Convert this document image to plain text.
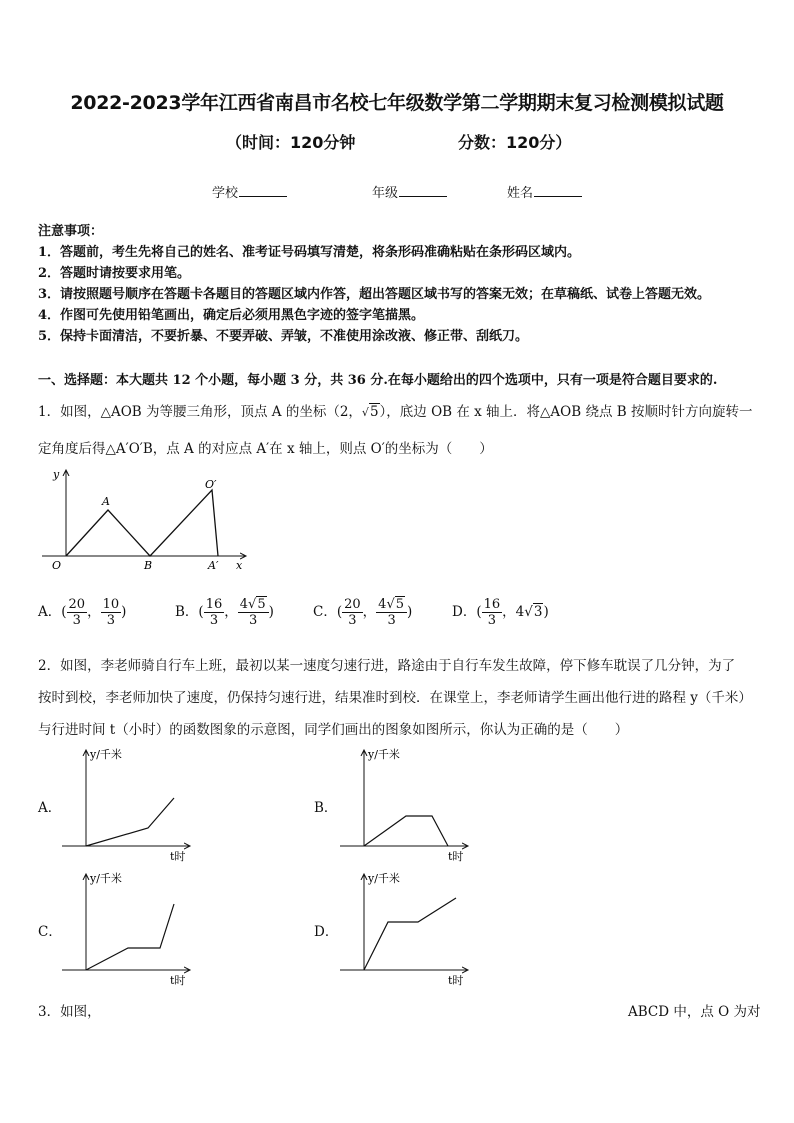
2022-2023学年江西省南昌市名校七年级数学第二学期期末复习检测模拟试题
（时间：120分钟	分数：120分）
学校	年级	姓名
注意事项：
1．答题前，考生先将自己的姓名、准考证号码填写清楚，将条形码准确粘贴在条形码区域内。
2．答题时请按要求用笔。
3．请按照题号顺序在答题卡各题目的答题区域内作答，超出答题区域书写的答案无效；在草稿纸、试卷上答题无效。
4．作图可先使用铅笔画出，确定后必须用黑色字迹的签字笔描黑。
5．保持卡面清洁，不要折暴、不要弄破、弄皱，不准使用涂改液、修正带、刮纸刀。
一、选择题：本大题共 12 个小题，每小题 3 分，共 36 分.在每小题给出的四个选项中，只有一项是符合题目要求的.
1．如图，△AOB 为等腰三角形，顶点 A 的坐标（2，√5），底边 OB 在 x 轴上．将△AOB 绕点 B 按顺时针方向旋转一
定角度后得△A′O′B，点 A 的对应点 A′在 x 轴上，则点 O′的坐标为（　　）
y
x
O
A
B
O′
A′
A．( $\frac{20}{3}$ ， $\frac{10}{3}$ )	B．( $\frac{16}{3}$ ， $\frac{4√5}{3}$ )	C．( $\frac{20}{3}$ ， $\frac{4√5}{3}$ )	D．( $\frac{16}{3}$ ，4√3)
2．如图，李老师骑自行车上班，最初以某一速度匀速行进，路途由于自行车发生故障，停下修车耽误了几分钟，为了
按时到校，李老师加快了速度，仍保持匀速行进，结果准时到校．在课堂上，李老师请学生画出他行进的路程 y（千米）
与行进时间 t（小时）的函数图象的示意图，同学们画出的图象如图所示，你认为正确的是（　　）
A．
y/千米
t时
B．
y/千米
t时
C．
y/千米
t时
D．
y/千米
t时
3．如图，	ABCD 中，点 O 为对
